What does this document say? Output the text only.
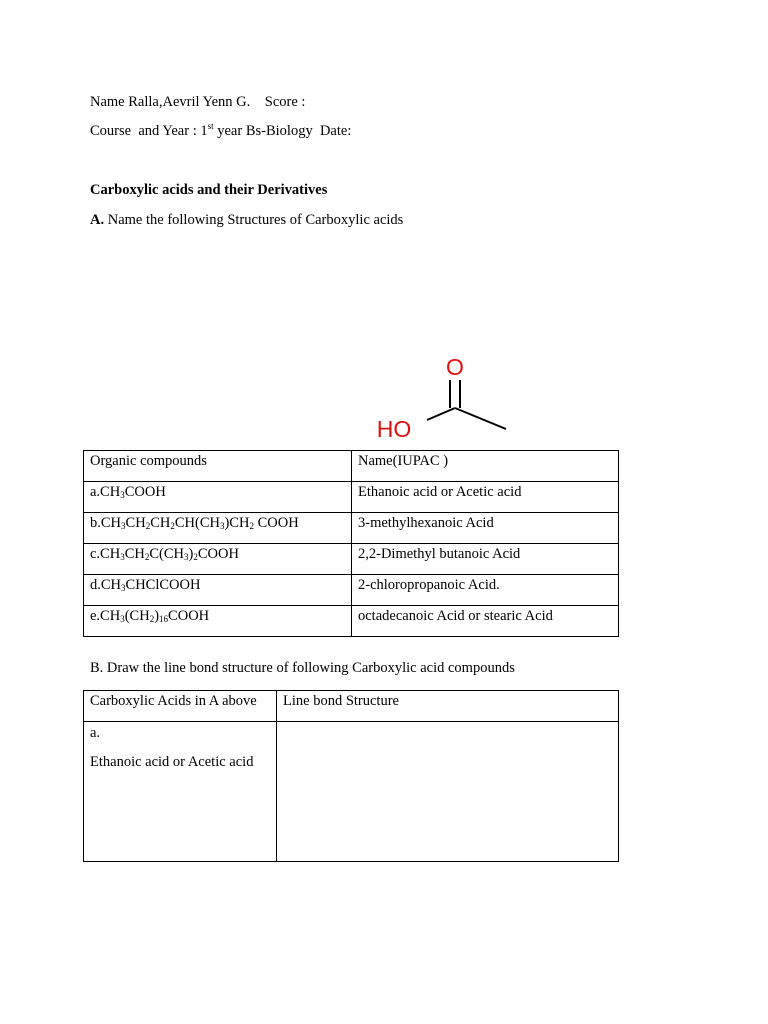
Name Ralla,Aevril Yenn G. Score :
Course  and Year : 1st year Bs-Biology Date:
Carboxylic acids and their Derivatives
A. Name the following Structures of Carboxylic acids
O
HO
Organic compounds	Name(IUPAC )
$a.CH_3COOH$	Ethanoic acid or Acetic acid
$b.CH_3CH_2CH_2CH(CH_3)CH_2$ COOH	3-methylhexanoic Acid
$c.CH_3CH_2C(CH_3)_2COOH$	2,2-Dimethyl butanoic Acid
$d.CH_3CHClCOOH$	2-chloropropanoic Acid.
$e.CH_3(CH_2)_{16}COOH$	octadecanoic Acid or stearic Acid
B. Draw the line bond structure of following Carboxylic acid compounds
Carboxylic Acids in A above	Line bond Structure

a.
Ethanoic acid or Acetic acid	
